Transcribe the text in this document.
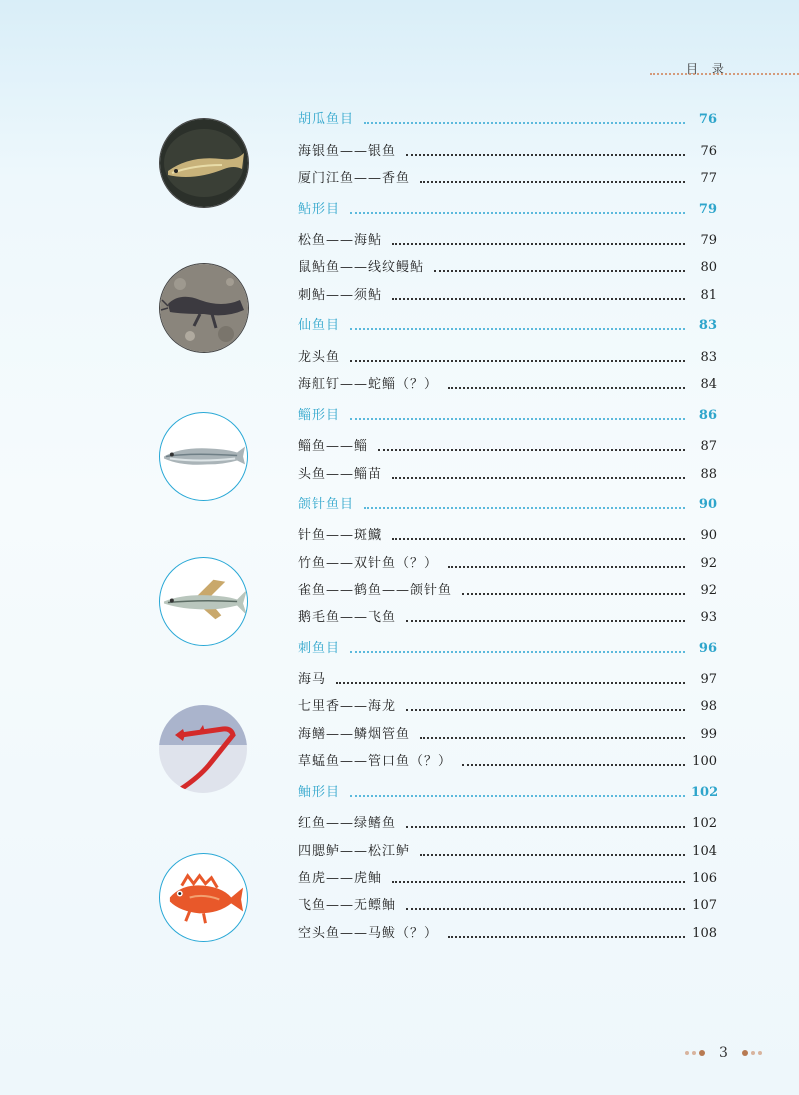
目 录
胡瓜鱼目	76
海银鱼——银鱼	76
厦门江鱼——香鱼	77
鲇形目	79
松鱼——海鲇	79
鼠鲇鱼——线纹鳗鲇	80
刺鲇——须鲇	81
仙鱼目	83
龙头鱼	83
海舡钉——蛇鲻（？）	84
鲻形目	86
鲻鱼——鲻	87
头鱼——鲻苗	88
颌针鱼目	90
针鱼——斑鱵	90
竹鱼——双针鱼（？）	92
雀鱼——鹤鱼——颌针鱼	92
鹅毛鱼——飞鱼	93
刺鱼目	96
海马	97
七里香——海龙	98
海鳝——鳞烟管鱼	99
草蜢鱼——管口鱼（？）	100
鲉形目	102
红鱼——绿鳍鱼	102
四腮鲈——松江鲈	104
鱼虎——虎鲉	106
飞鱼——无鳔鲉	107
空头鱼——马鲅（？）	108
3
